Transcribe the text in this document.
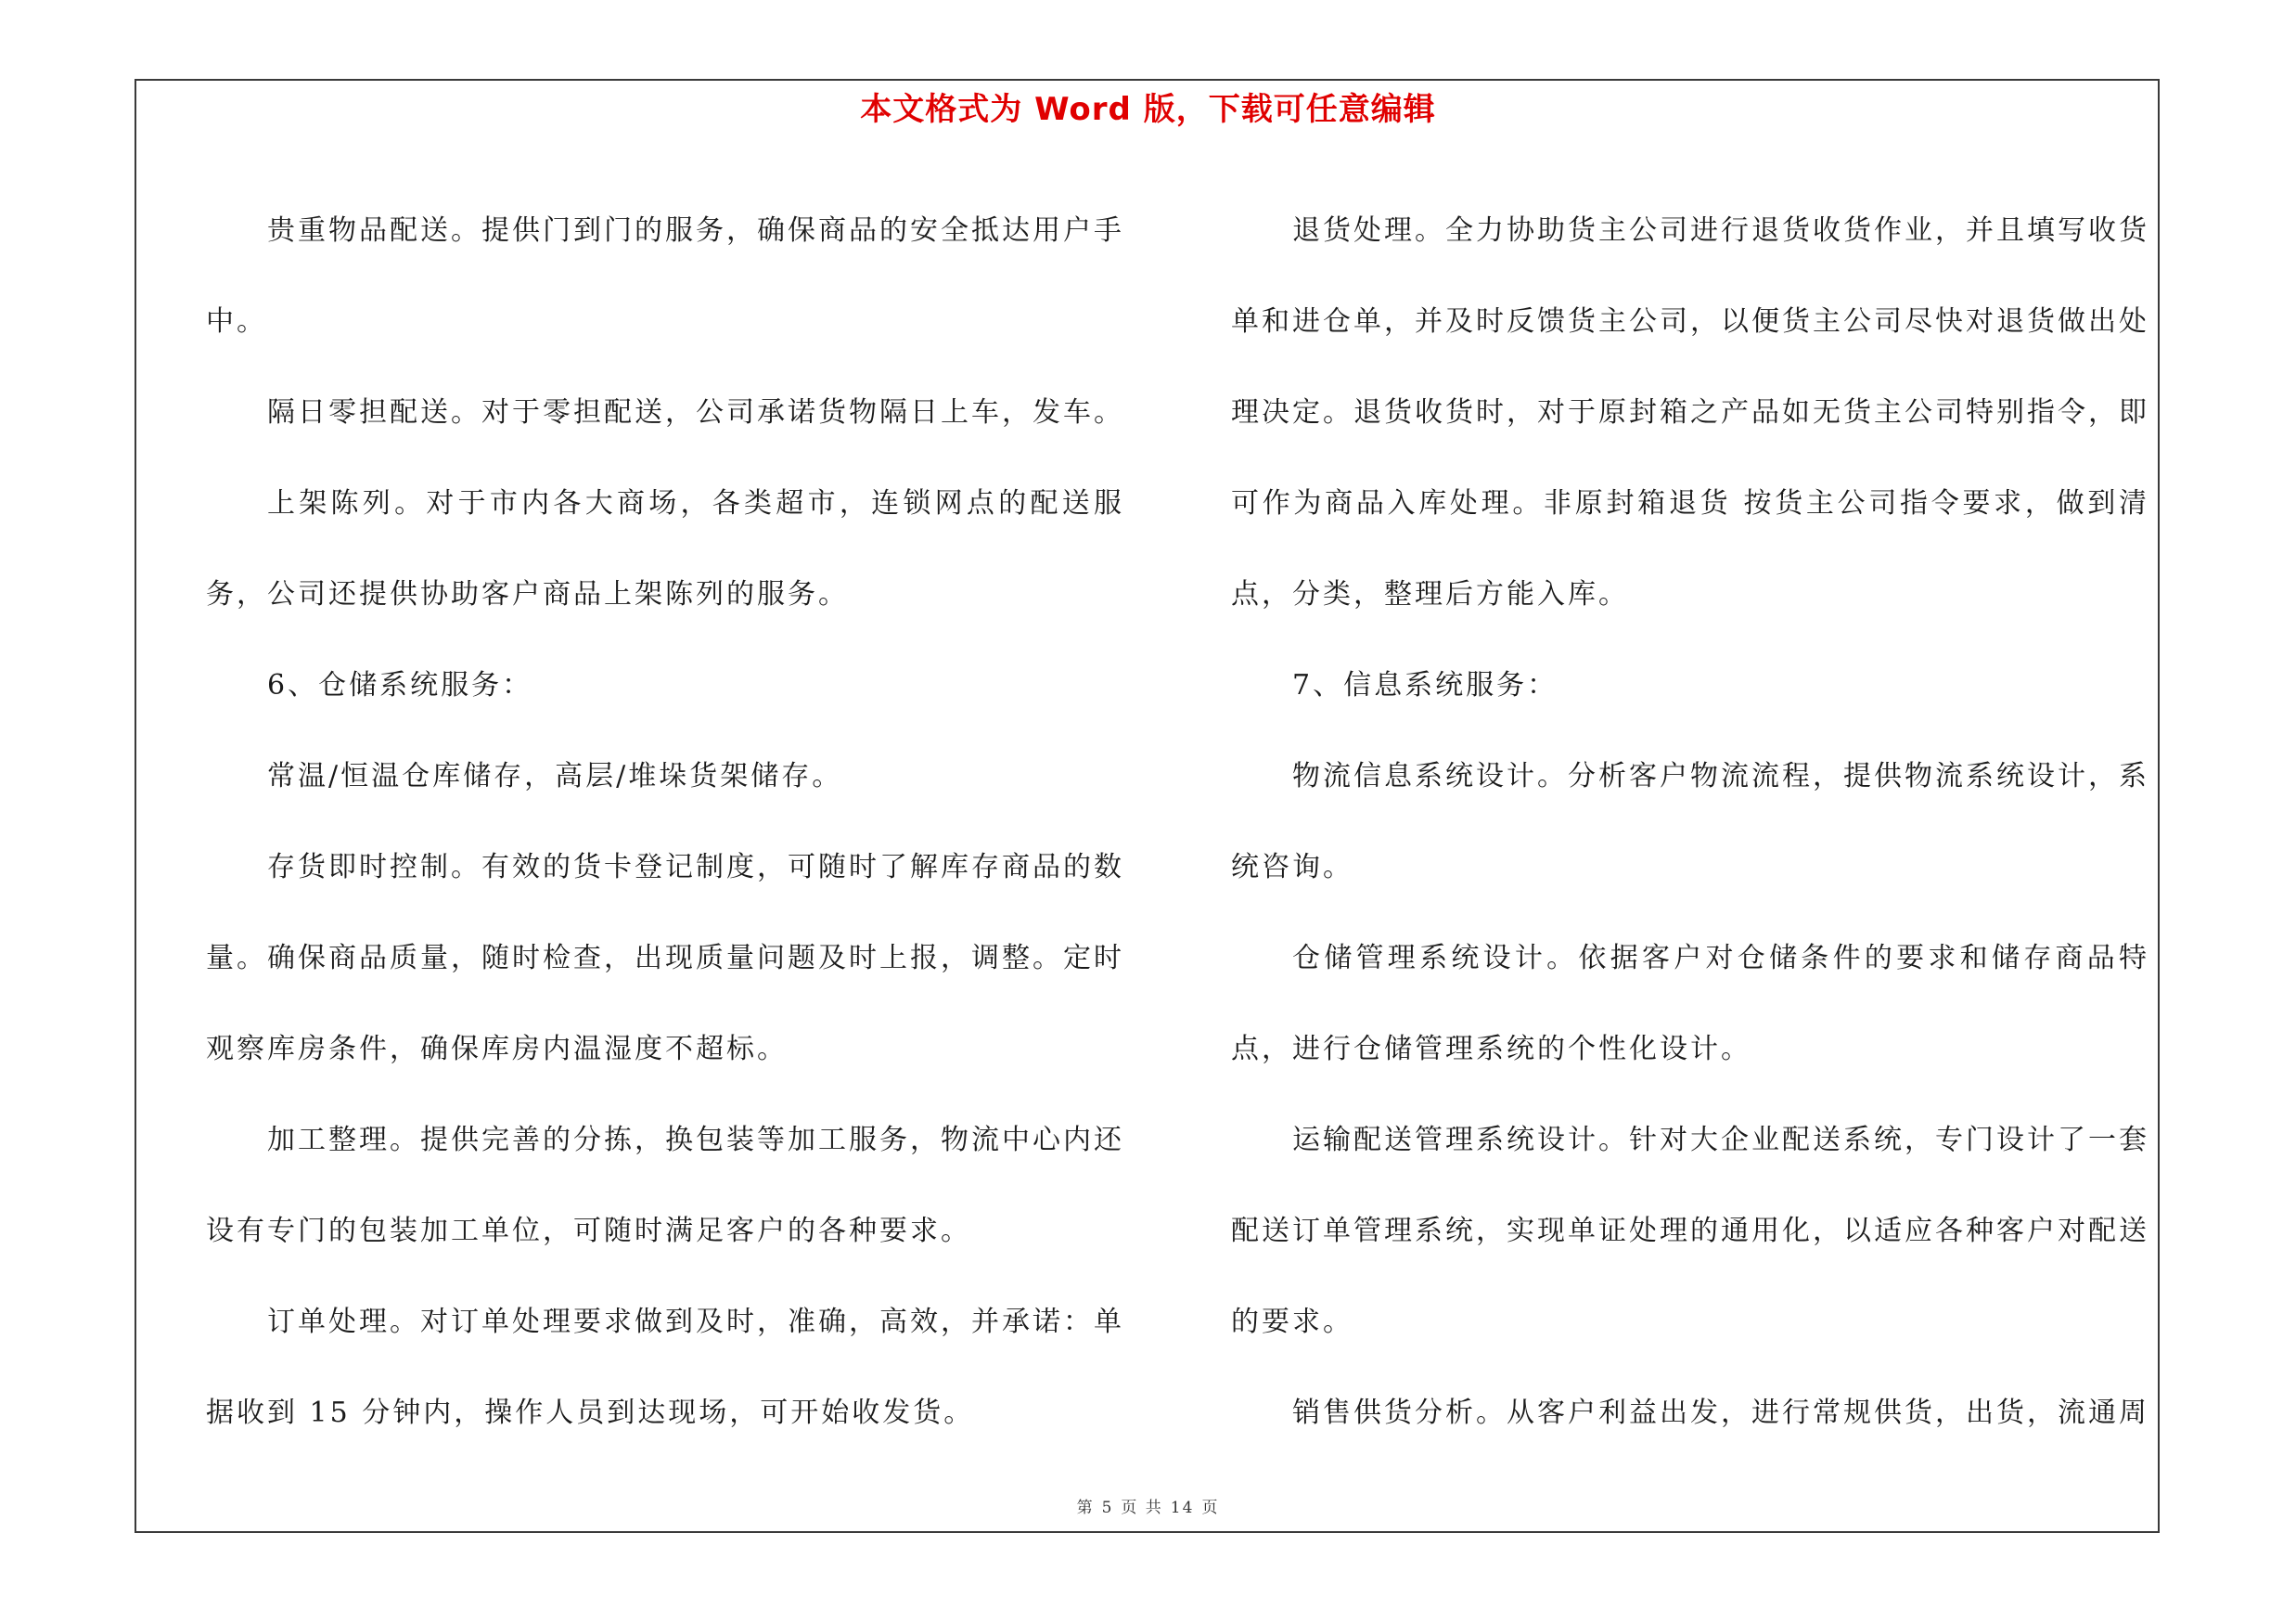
本文格式为 Word 版，下载可任意编辑

贵重物品配送。提供门到门的服务，确保商品的安全抵达用户手中。

隔日零担配送。对于零担配送，公司承诺货物隔日上车，发车。

上架陈列。对于市内各大商场，各类超市，连锁网点的配送服务，公司还提供协助客户商品上架陈列的服务。

6、仓储系统服务：

常温/恒温仓库储存，高层/堆垛货架储存。

存货即时控制。有效的货卡登记制度，可随时了解库存商品的数量。确保商品质量，随时检查，出现质量问题及时上报，调整。定时观察库房条件，确保库房内温湿度不超标。

加工整理。提供完善的分拣，换包装等加工服务，物流中心内还设有专门的包装加工单位，可随时满足客户的各种要求。

订单处理。对订单处理要求做到及时，准确，高效，并承诺：单据收到 15 分钟内，操作人员到达现场，可开始收发货。

退货处理。全力协助货主公司进行退货收货作业，并且填写收货单和进仓单，并及时反馈货主公司，以便货主公司尽快对退货做出处理决定。退货收货时，对于原封箱之产品如无货主公司特别指令，即可作为商品入库处理。非原封箱退货 按货主公司指令要求，做到清点，分类，整理后方能入库。

7、信息系统服务：

物流信息系统设计。分析客户物流流程，提供物流系统设计，系统咨询。

仓储管理系统设计。依据客户对仓储条件的要求和储存商品特点，进行仓储管理系统的个性化设计。

运输配送管理系统设计。针对大企业配送系统，专门设计了一套配送订单管理系统，实现单证处理的通用化，以适应各种客户对配送的要求。

销售供货分析。从客户利益出发，进行常规供货，出货，流通周

第 5 页 共 14 页
